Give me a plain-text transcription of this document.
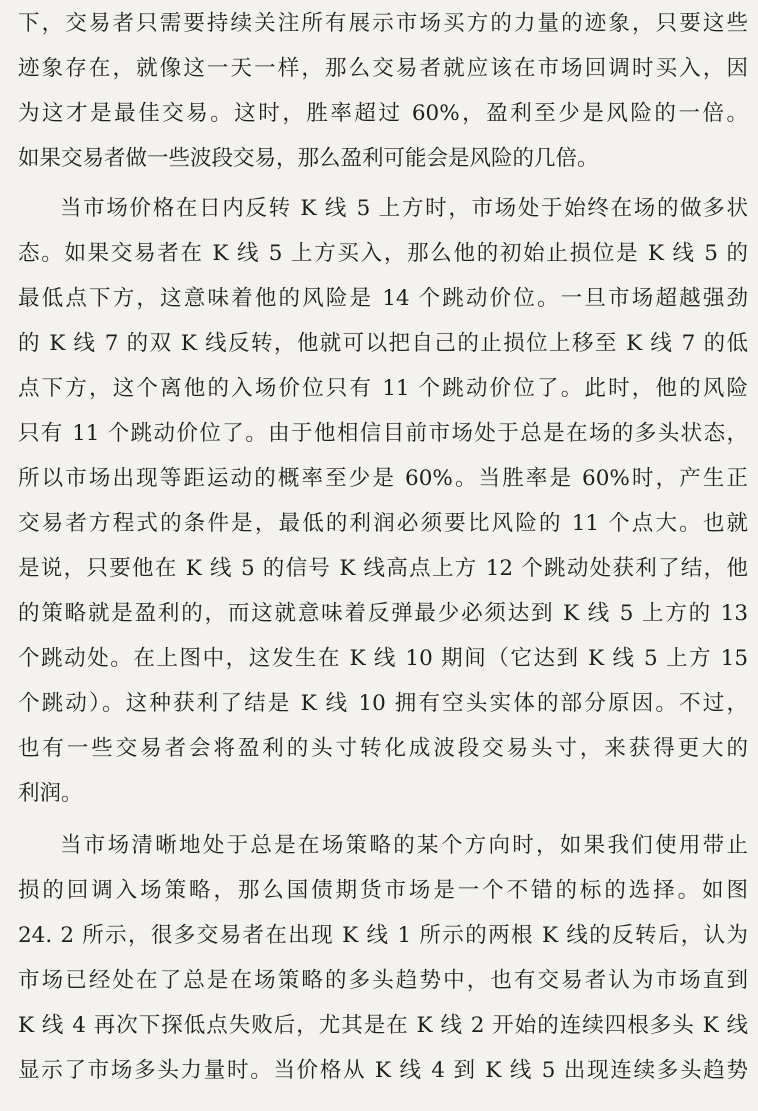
下，交易者只需要持续关注所有展示市场买方的力量的迹象，只要这些
迹象存在，就像这一天一样，那么交易者就应该在市场回调时买入，因
为这才是最佳交易。这时，胜率超过 60%，盈利至少是风险的一倍。
如果交易者做一些波段交易，那么盈利可能会是风险的几倍。
当市场价格在日内反转 K 线 5 上方时，市场处于始终在场的做多状
态。如果交易者在 K 线 5 上方买入，那么他的初始止损位是 K 线 5 的
最低点下方，这意味着他的风险是 14 个跳动价位。一旦市场超越强劲
的 K 线 7 的双 K 线反转，他就可以把自己的止损位上移至 K 线 7 的低
点下方，这个离他的入场价位只有 11 个跳动价位了。此时，他的风险
只有 11 个跳动价位了。由于他相信目前市场处于总是在场的多头状态，
所以市场出现等距运动的概率至少是 60%。当胜率是 60%时，产生正
交易者方程式的条件是，最低的利润必须要比风险的 11 个点大。也就
是说，只要他在 K 线 5 的信号 K 线高点上方 12 个跳动处获利了结，他
的策略就是盈利的，而这就意味着反弹最少必须达到 K 线 5 上方的 13
个跳动处。在上图中，这发生在 K 线 10 期间（它达到 K 线 5 上方 15
个跳动）。这种获利了结是 K 线 10 拥有空头实体的部分原因。不过，
也有一些交易者会将盈利的头寸转化成波段交易头寸，来获得更大的
利润。
当市场清晰地处于总是在场策略的某个方向时，如果我们使用带止
损的回调入场策略，那么国债期货市场是一个不错的标的选择。如图
24. 2 所示，很多交易者在出现 K 线 1 所示的两根 K 线的反转后，认为
市场已经处在了总是在场策略的多头趋势中，也有交易者认为市场直到
K 线 4 再次下探低点失败后，尤其是在 K 线 2 开始的连续四根多头 K 线
显示了市场多头力量时。当价格从 K 线 4 到 K 线 5 出现连续多头趋势
